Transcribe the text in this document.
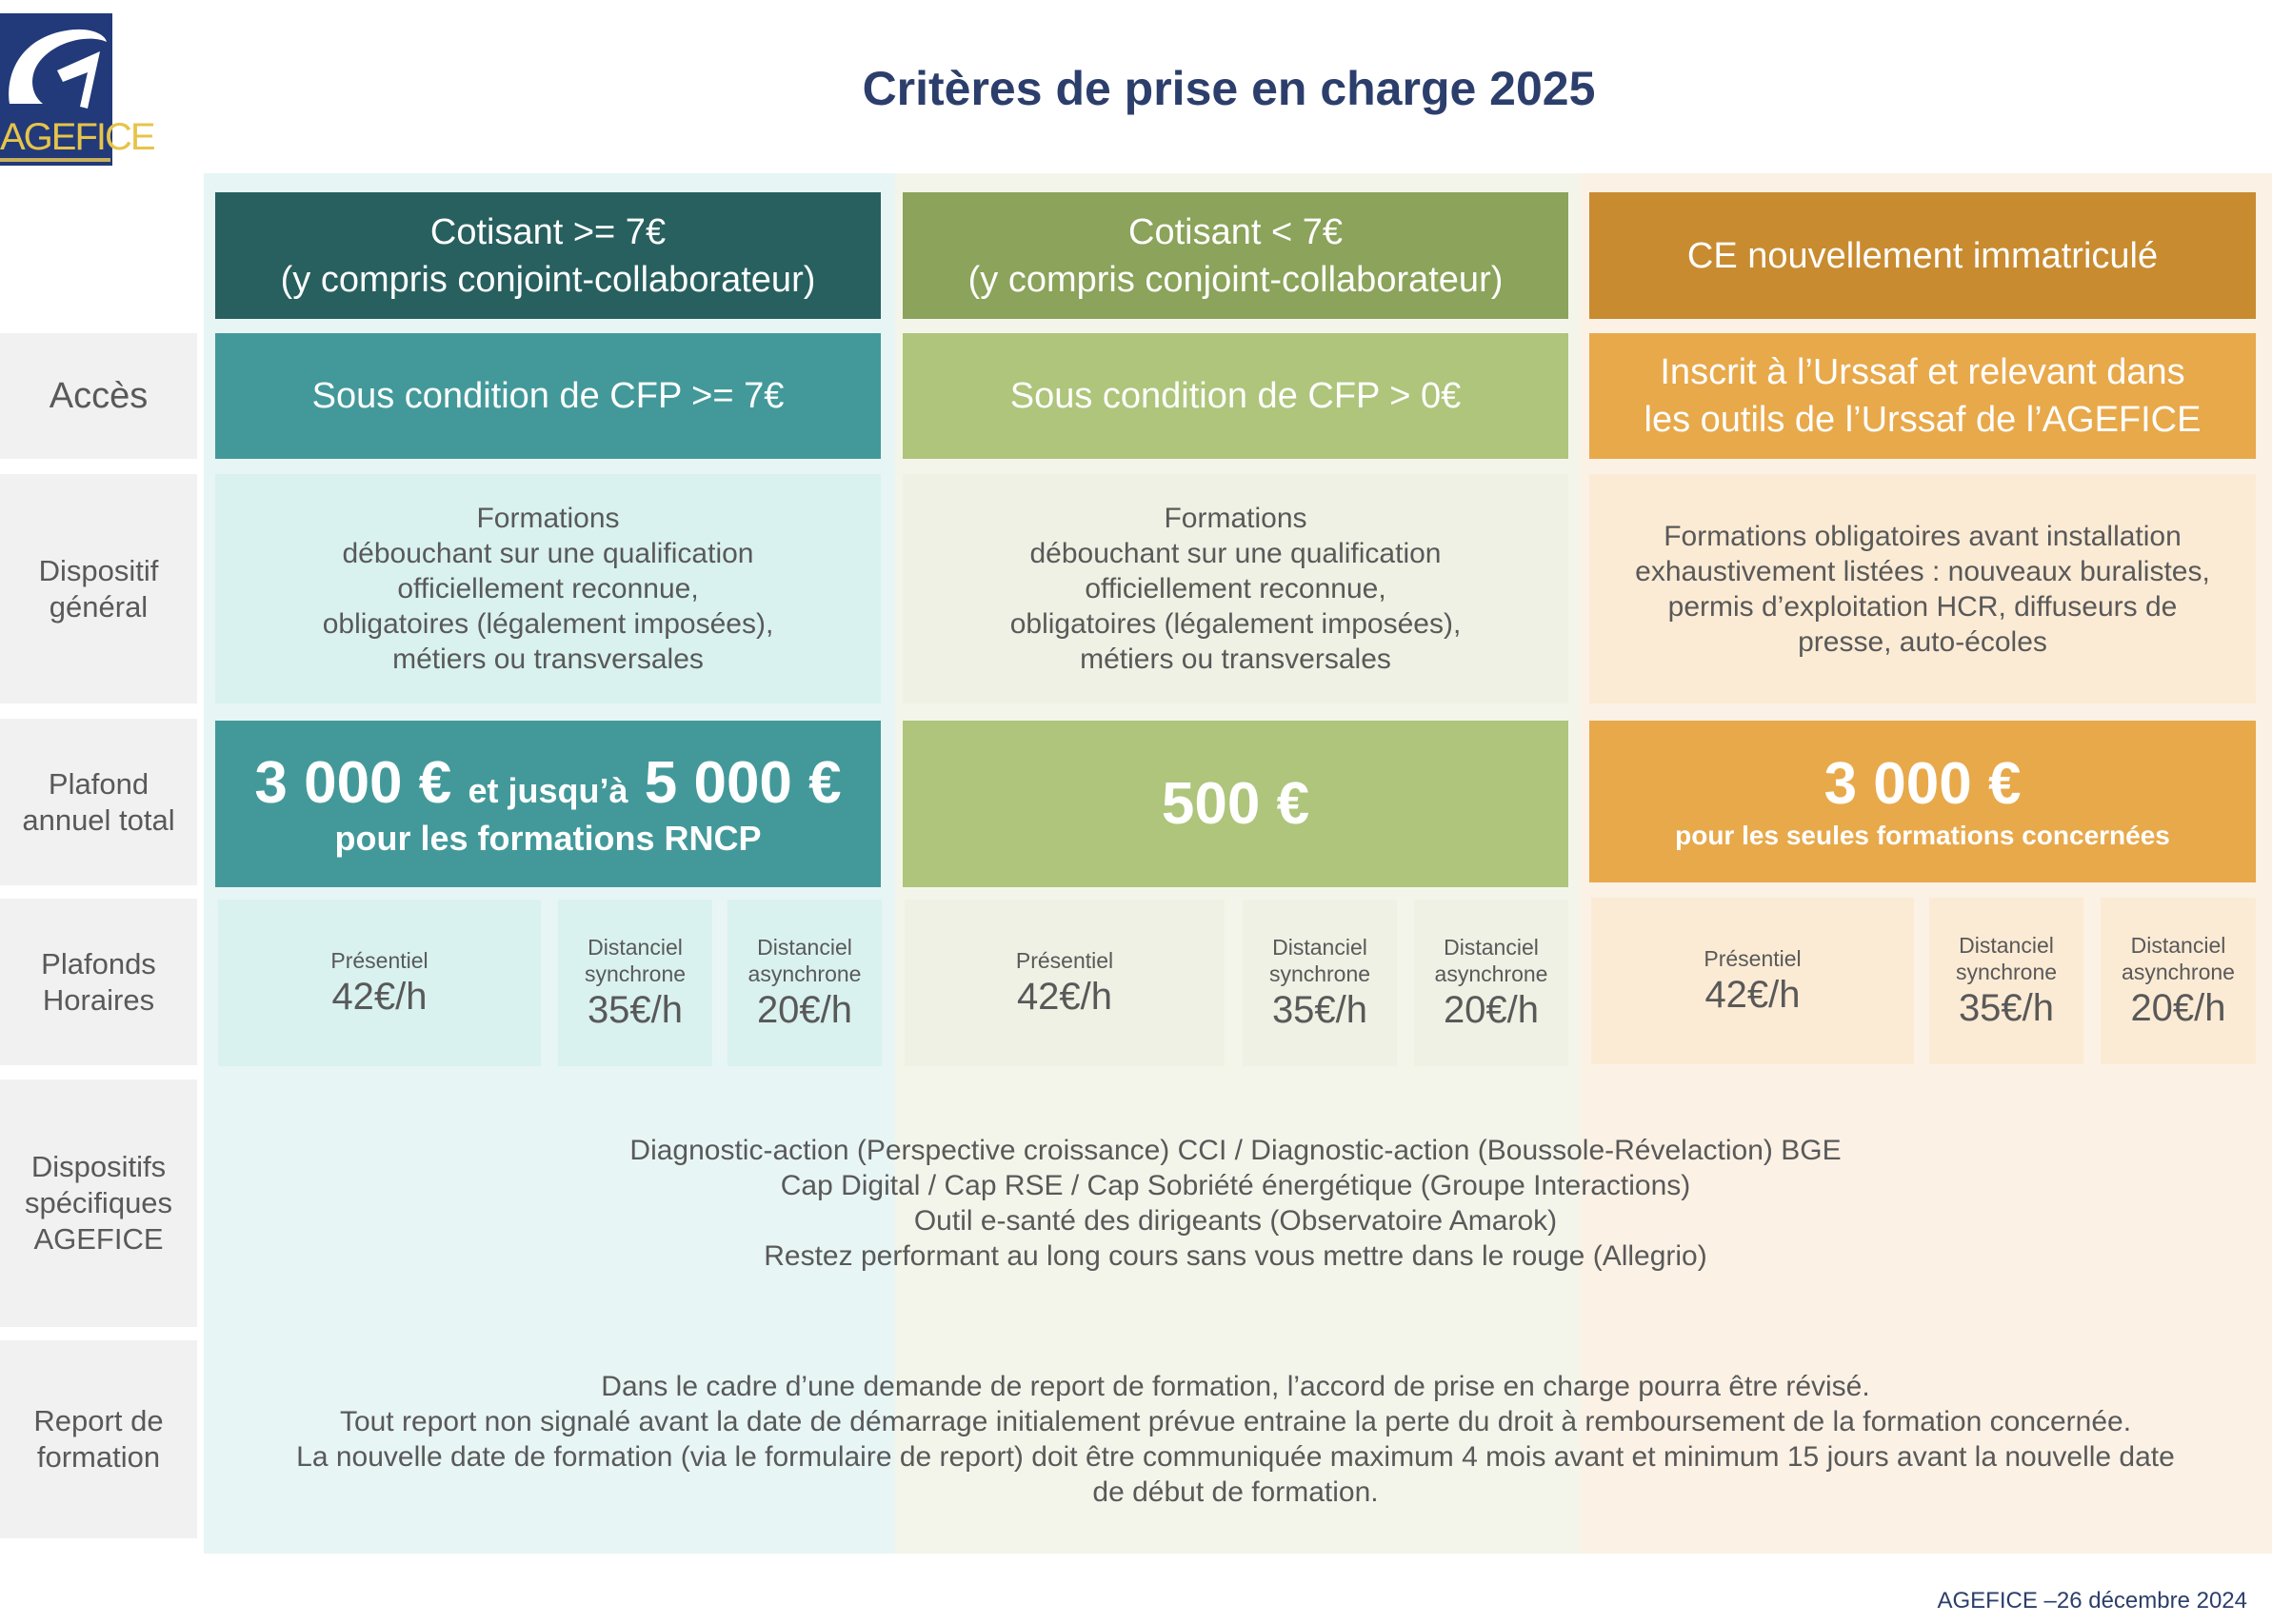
AGEFICE
Critères de prise en charge 2025
Cotisant >= 7€
(y compris conjoint-collaborateur)
Cotisant < 7€
(y compris conjoint-collaborateur)
CE nouvellement immatriculé
Accès
Dispositif
général
Plafond
annuel total
Plafonds
Horaires
Dispositifs
spécifiques
AGEFICE
Report de
formation
Sous condition de CFP >= 7€	Sous condition de CFP > 0€
Inscrit à l’Urssaf et relevant dans
les outils de l’Urssaf de l’AGEFICE
Formations
débouchant sur une qualification
officiellement reconnue,
obligatoires (légalement imposées),
métiers ou transversales
Formations
débouchant sur une qualification
officiellement reconnue,
obligatoires (légalement imposées),
métiers ou transversales
Formations obligatoires avant installation
exhaustivement listées : nouveaux buralistes,
permis d’exploitation HCR, diffuseurs de
presse, auto-écoles
3 000 € et jusqu’à 5 000 €
pour les formations RNCP
500 €	3 000 €
pour les seules formations concernées
Présentiel
42€/h
Distanciel
synchrone
35€/h
Distanciel
asynchrone
20€/h
Présentiel
42€/h
Distanciel
synchrone
35€/h
Distanciel
asynchrone
20€/h
Présentiel
42€/h
Distanciel
synchrone
35€/h
Distanciel
asynchrone
20€/h
Diagnostic-action (Perspective croissance) CCI / Diagnostic-action (Boussole-Révelaction) BGE
Cap Digital / Cap RSE / Cap Sobriété énergétique (Groupe Interactions)
Outil e-santé des dirigeants (Observatoire Amarok)
Restez performant au long cours sans vous mettre dans le rouge (Allegrio)
Dans le cadre d’une demande de report de formation, l’accord de prise en charge pourra être révisé.
Tout report non signalé avant la date de démarrage initialement prévue entraine la perte du droit à remboursement de la formation concernée.
La nouvelle date de formation (via le formulaire de report) doit être communiquée maximum 4 mois avant et minimum 15 jours avant la nouvelle date
de début de formation.
AGEFICE –26 décembre 2024
